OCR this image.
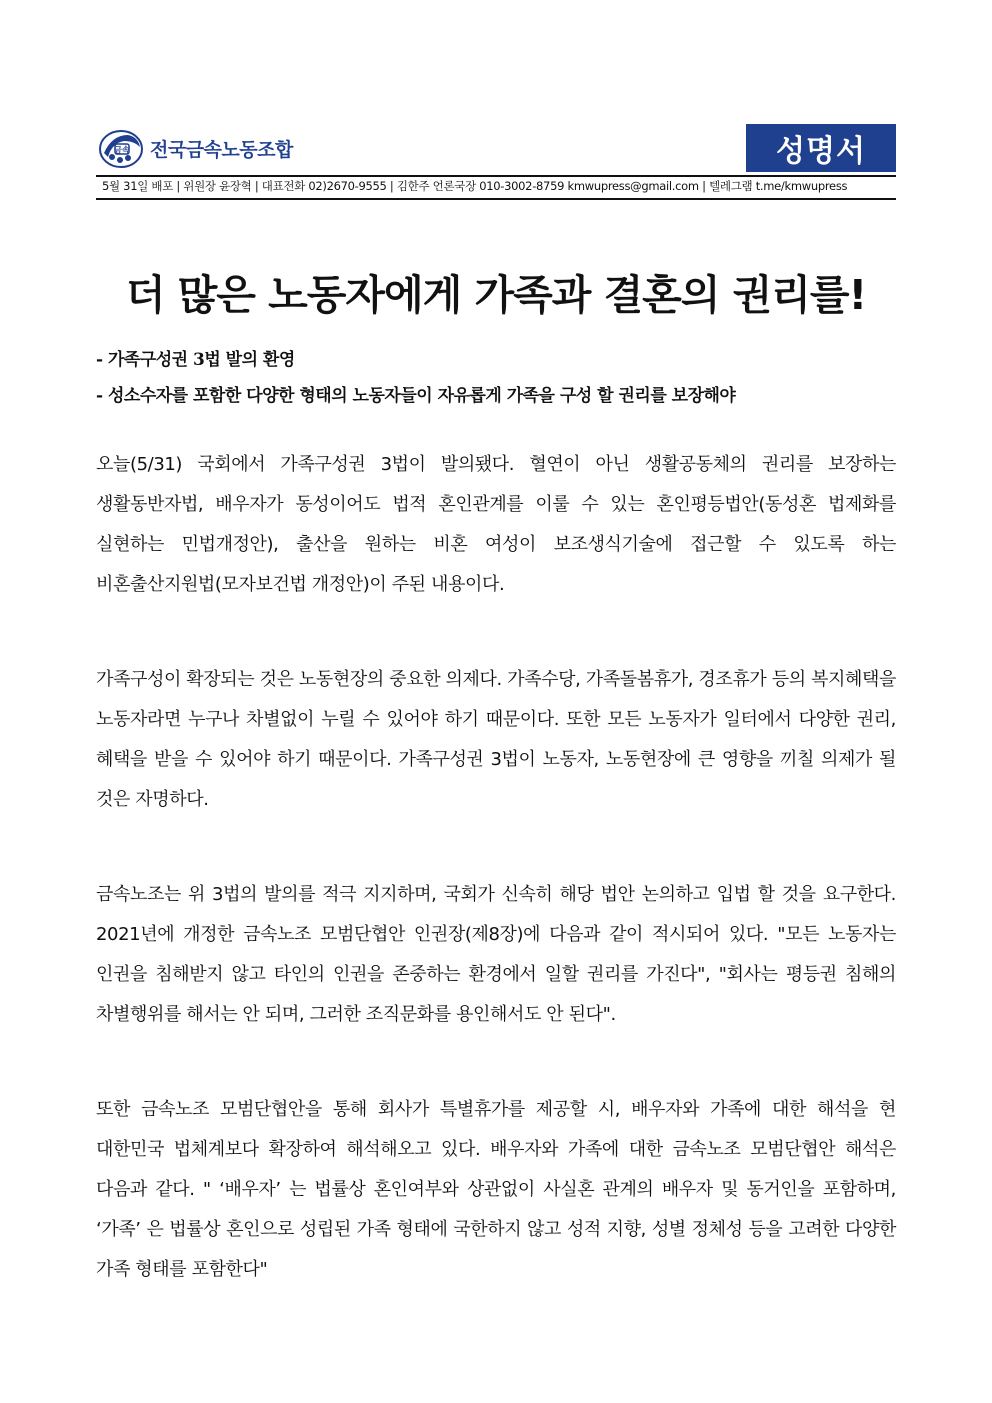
금속 전국금속노동조합	성명서
5월 31일 배포 | 위원장 윤장혁 | 대표전화 02)2670-9555 | 김한주 언론국장 010-3002-8759 kmwupress@gmail.com | 텔레그램 t.me/kmwupress
더 많은 노동자에게 가족과 결혼의 권리를!
- 가족구성권 3법 발의 환영
- 성소수자를 포함한 다양한 형태의 노동자들이 자유롭게 가족을 구성 할 권리를 보장해야

오늘(5/31) 국회에서 가족구성권 3법이 발의됐다. 혈연이 아닌 생활공동체의 권리를 보장하는 생활동반자법, 배우자가 동성이어도 법적 혼인관계를 이룰 수 있는 혼인평등법안(동성혼 법제화를 실현하는 민법개정안), 출산을 원하는 비혼 여성이 보조생식기술에 접근할 수 있도록 하는 비혼출산지원법(모자보건법 개정안)이 주된 내용이다.

가족구성이 확장되는 것은 노동현장의 중요한 의제다. 가족수당, 가족돌봄휴가, 경조휴가 등의 복지혜택을 노동자라면 누구나 차별없이 누릴 수 있어야 하기 때문이다. 또한 모든 노동자가 일터에서 다양한 권리, 혜택을 받을 수 있어야 하기 때문이다. 가족구성권 3법이 노동자, 노동현장에 큰 영향을 끼칠 의제가 될 것은 자명하다.

금속노조는 위 3법의 발의를 적극 지지하며, 국회가 신속히 해당 법안 논의하고 입법 할 것을 요구한다. 2021년에 개정한 금속노조 모범단협안 인권장(제8장)에 다음과 같이 적시되어 있다. "모든 노동자는 인권을 침해받지 않고 타인의 인권을 존중하는 환경에서 일할 권리를 가진다", "회사는 평등권 침해의 차별행위를 해서는 안 되며, 그러한 조직문화를 용인해서도 안 된다".

또한 금속노조 모범단협안을 통해 회사가 특별휴가를 제공할 시, 배우자와 가족에 대한 해석을 현 대한민국 법체계보다 확장하여 해석해오고 있다. 배우자와 가족에 대한 금속노조 모범단협안 해석은 다음과 같다. " ‘배우자’ 는 법률상 혼인여부와 상관없이 사실혼 관계의 배우자 및 동거인을 포함하며, ‘가족’ 은 법률상 혼인으로 성립된 가족 형태에 국한하지 않고 성적 지향, 성별 정체성 등을 고려한 다양한 가족 형태를 포함한다"
